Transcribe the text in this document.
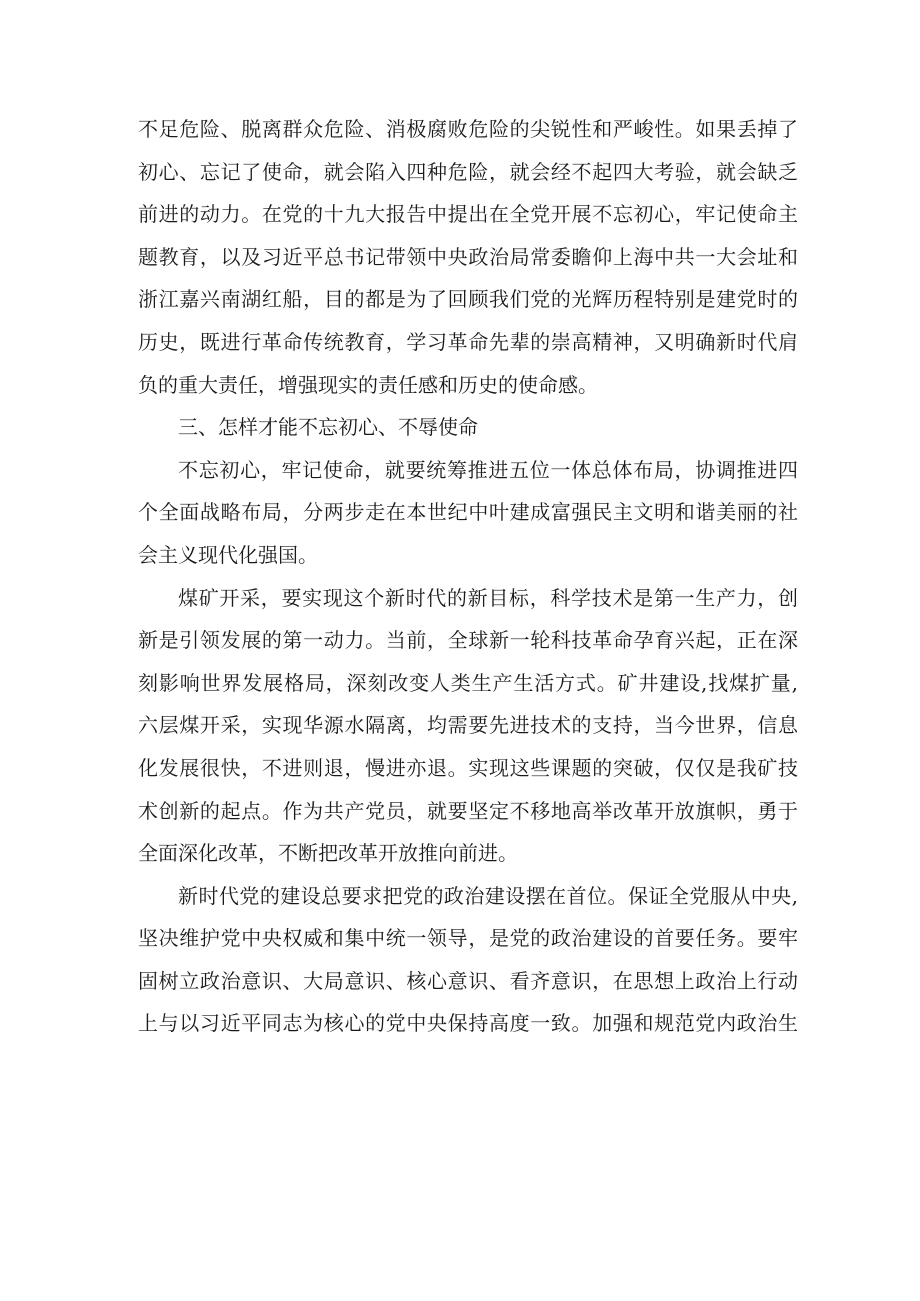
不足危险、脱离群众危险、消极腐败危险的尖锐性和严峻性。如果丢掉了
初心、忘记了使命，就会陷入四种危险，就会经不起四大考验，就会缺乏
前进的动力。在党的十九大报告中提出在全党开展不忘初心，牢记使命主
题教育，以及习近平总书记带领中央政治局常委瞻仰上海中共一大会址和
浙江嘉兴南湖红船，目的都是为了回顾我们党的光辉历程特别是建党时的
历史，既进行革命传统教育，学习革命先辈的崇高精神，又明确新时代肩
负的重大责任，增强现实的责任感和历史的使命感。
三、怎样才能不忘初心、不辱使命
不忘初心，牢记使命，就要统筹推进五位一体总体布局，协调推进四
个全面战略布局，分两步走在本世纪中叶建成富强民主文明和谐美丽的社
会主义现代化强国。
煤矿开采，要实现这个新时代的新目标，科学技术是第一生产力，创
新是引领发展的第一动力。当前，全球新一轮科技革命孕育兴起，正在深
刻影响世界发展格局，深刻改变人类生产生活方式。矿井建设,找煤扩量,
六层煤开采，实现华源水隔离，均需要先进技术的支持，当今世界，信息
化发展很快，不进则退，慢进亦退。实现这些课题的突破，仅仅是我矿技
术创新的起点。作为共产党员，就要坚定不移地高举改革开放旗帜，勇于
全面深化改革，不断把改革开放推向前进。
新时代党的建设总要求把党的政治建设摆在首位。保证全党服从中央,
坚决维护党中央权威和集中统一领导，是党的政治建设的首要任务。要牢
固树立政治意识、大局意识、核心意识、看齐意识，在思想上政治上行动
上与以习近平同志为核心的党中央保持高度一致。加强和规范党内政治生
